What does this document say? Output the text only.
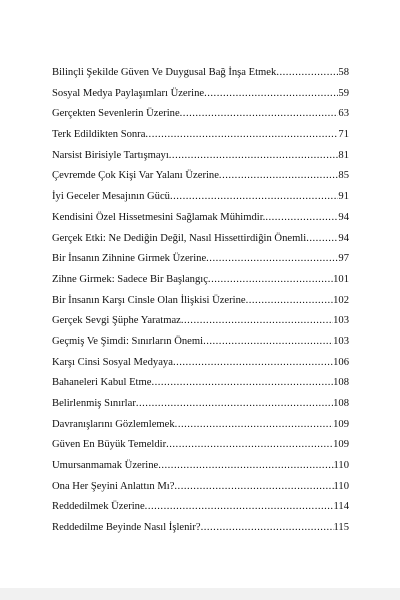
Bilinçli Şekilde Güven Ve Duygusal Bağ İnşa Etmek .....	58
Sosyal Medya Paylaşımları Üzerine .....	59
Gerçekten Sevenlerin Üzerine .....	63
Terk Edildikten Sonra .....	71
Narsist Birisiyle Tartışmayı .....	81
Çevremde Çok Kişi Var Yalanı Üzerine .....	85
İyi Geceler Mesajının Gücü .....	91
Kendisini Özel Hissetmesini Sağlamak Mühimdir. .....	94
Gerçek Etki: Ne Dediğin Değil, Nasıl Hissettirdiğin Önemli .....	94
Bir İnsanın Zihnine Girmek Üzerine .....	97
Zihne Girmek: Sadece Bir Başlangıç .....	101
Bir İnsanın Karşı Cinsle Olan İlişkisi Üzerine .....	102
Gerçek Sevgi Şüphe Yaratmaz .....	103
Geçmiş Ve Şimdi: Sınırların Önemi .....	103
Karşı Cinsi Sosyal Medyaya .....	106
Bahaneleri Kabul Etme .....	108
Belirlenmiş Sınırlar .....	108
Davranışlarını Gözlemlemek .....	109
Güven En Büyük Temeldir .....	109
Umursanmamak Üzerine .....	110
Ona Her Şeyini Anlattın Mı? .....	110
Reddedilmek Üzerine .....	114
Reddedilme Beyinde Nasıl İşlenir? .....	115
